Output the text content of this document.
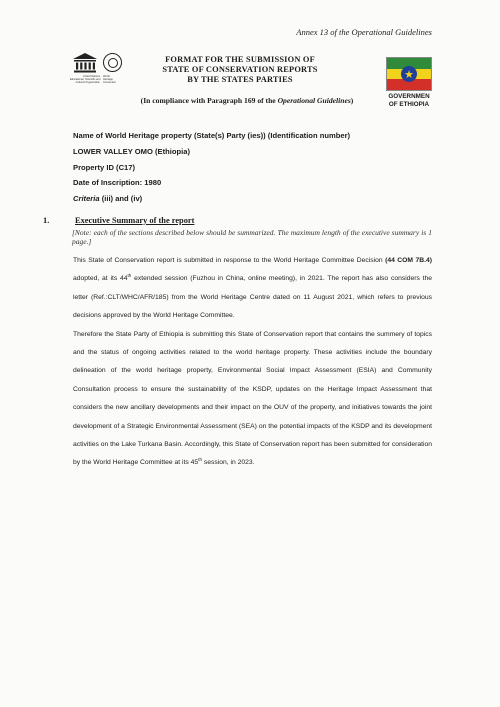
Annex 13 of the Operational Guidelines
United Nations
Educational, Scientific and
Cultural Organization
World
Heritage
Convention
FORMAT FOR THE SUBMISSION OF
STATE OF CONSERVATION REPORTS
BY THE STATES PARTIES
(In compliance with Paragraph 169 of the Operational Guidelines)
★
GOVERNMEN
OF ETHIOPIA
Name of World Heritage property (State(s) Party (ies)) (Identification number)
LOWER VALLEY OMO (Ethiopia)
Property ID (C17)
Date of Inscription: 1980
Criteria (iii) and (iv)
1.	Executive Summary of the report
[Note: each of the sections described below should be summarized. The maximum length of the executive summary is 1 page.]

This State of Conservation report is submitted in response to the World Heritage Committee Decision (44 COM 7B.4) adopted, at its 44th extended session (Fuzhou in China, online meeting), in 2021. The report has also considers the letter (Ref.:CLT/WHC/AFR/185) from the World Heritage Centre dated on 11 August 2021, which refers to previous decisions approved by the World Heritage Committee.

Therefore the State Party of Ethiopia is submitting this State of Conservation report that contains the summery of topics and the status of ongoing activities related to the world heritage property. These activities include the boundary delineation of the world heritage property, Environmental Social Impact Assessment (ESIA) and Community Consultation process to ensure the sustainability of the KSDP, updates on the Heritage Impact Assessment that considers the new ancillary developments and their impact on the OUV of the property, and initiatives towards the joint development of a Strategic Environmental Assessment (SEA) on the potential impacts of the KSDP and its development activities on the Lake Turkana Basin. Accordingly, this State of Conservation report has been submitted for consideration by the World Heritage Committee at its 45th session, in 2023.
